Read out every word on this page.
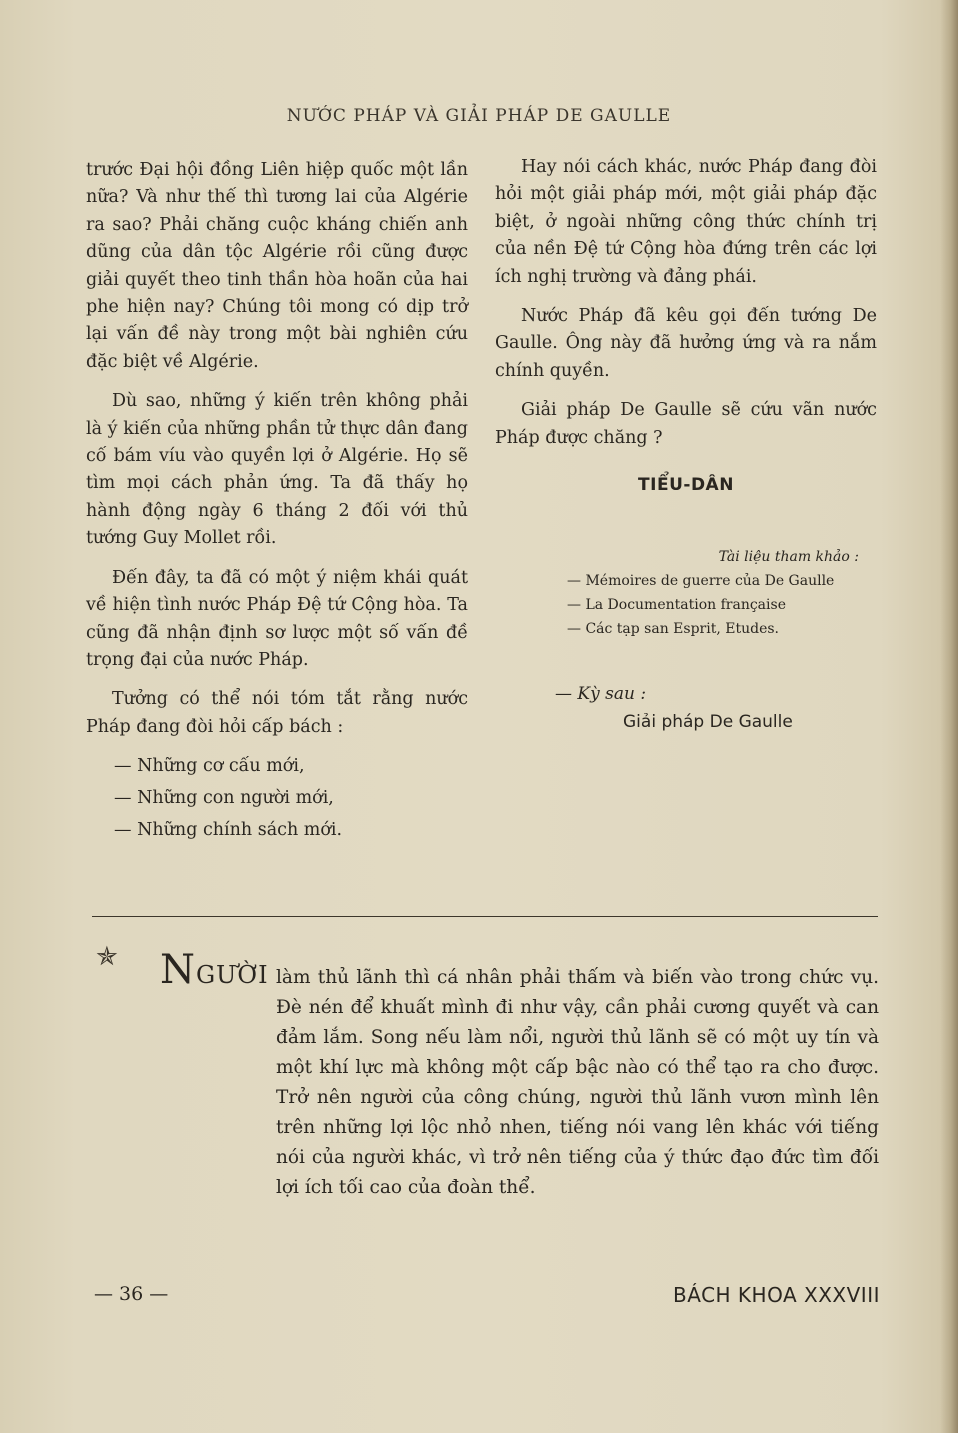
NƯỚC PHÁP VÀ GIẢI PHÁP DE GAULLE

trước Đại hội đồng Liên hiệp quốc một lần nữa? Và như thế thì tương lai của Algérie ra sao? Phải chăng cuộc kháng chiến anh dũng của dân tộc Algérie rồi cũng được giải quyết theo tinh thần hòa hoãn của hai phe hiện nay? Chúng tôi mong có dịp trở lại vấn đề này trong một bài nghiên cứu đặc biệt về Algérie.

Dù sao, những ý kiến trên không phải là ý kiến của những phần tử thực dân đang cố bám víu vào quyền lợi ở Algérie. Họ sẽ tìm mọi cách phản ứng. Ta đã thấy họ hành động ngày 6 tháng 2 đối với thủ tướng Guy Mollet rồi.

Đến đây, ta đã có một ý niệm khái quát về hiện tình nước Pháp Đệ tứ Cộng hòa. Ta cũng đã nhận định sơ lược một số vấn đề trọng đại của nước Pháp.

Tưởng có thể nói tóm tắt rằng nước Pháp đang đòi hỏi cấp bách :

— Những cơ cấu mới,
— Những con người mới,
— Những chính sách mới.

Hay nói cách khác, nước Pháp đang đòi hỏi một giải pháp mới, một giải pháp đặc biệt, ở ngoài những công thức chính trị của nền Đệ tứ Cộng hòa đứng trên các lợi ích nghị trường và đảng phái.

Nước Pháp đã kêu gọi đến tướng De Gaulle. Ông này đã hưởng ứng và ra nắm chính quyền.

Giải pháp De Gaulle sẽ cứu vãn nước Pháp được chăng ?

TIỂU-DÂN
Tài liệu tham khảo :
— Mémoires de guerre của De Gaulle
— La Documentation française
— Các tạp san Esprit, Etudes.
— Kỳ sau :
Giải pháp De Gaulle
✯ NGƯỜI làm thủ lãnh thì cá nhân phải thấm và biến vào trong chức vụ. Đè nén để khuất mình đi như vậy, cần phải cương quyết và can đảm lắm. Song nếu làm nổi, người thủ lãnh sẽ có một uy tín và một khí lực mà không một cấp bậc nào có thể tạo ra cho được. Trở nên người của công chúng, người thủ lãnh vươn mình lên trên những lợi lộc nhỏ nhen, tiếng nói vang lên khác với tiếng nói của người khác, vì trở nên tiếng của ý thức đạo đức tìm đối lợi ích tối cao của đoàn thể.
— 36 —	BÁCH KHOA XXXVIII
